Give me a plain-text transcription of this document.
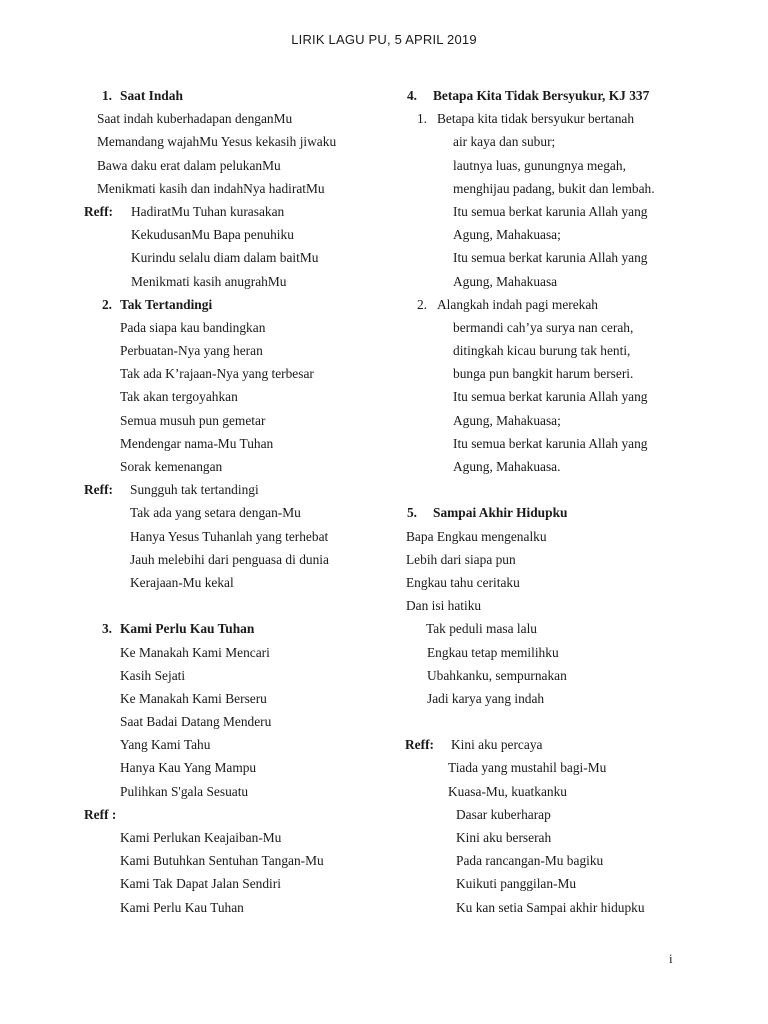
LIRIK LAGU PU, 5 APRIL 2019
1. Saat Indah
Saat indah kuberhadapan denganMu
Memandang wajahMu Yesus kekasih jiwaku
Bawa daku erat dalam pelukanMu
Menikmati kasih dan indahNya hadiratMu
Reff: HadiratMu Tuhan kurasakan
KekudusanMu Bapa penuhiku
Kurindu selalu diam dalam baitMu
Menikmati kasih anugrahMu
2. Tak Tertandingi
Pada siapa kau bandingkan
Perbuatan-Nya yang heran
Tak ada K’rajaan-Nya yang terbesar
Tak akan tergoyahkan
Semua musuh pun gemetar
Mendengar nama-Mu Tuhan
Sorak kemenangan
Reff: Sungguh tak tertandingi
Tak ada yang setara dengan-Mu
Hanya Yesus Tuhanlah yang terhebat
Jauh melebihi dari penguasa di dunia
Kerajaan-Mu kekal
3. Kami Perlu Kau Tuhan
Ke Manakah Kami Mencari
Kasih Sejati
Ke Manakah Kami Berseru
Saat Badai Datang Menderu
Yang Kami Tahu
Hanya Kau Yang Mampu
Pulihkan S'gala Sesuatu
Reff :
Kami Perlukan Keajaiban-Mu
Kami Butuhkan Sentuhan Tangan-Mu
Kami Tak Dapat Jalan Sendiri
Kami Perlu Kau Tuhan
4. Betapa Kita Tidak Bersyukur, KJ 337
1. Betapa kita tidak bersyukur bertanah
air kaya dan subur;
lautnya luas, gunungnya megah,
menghijau padang, bukit dan lembah.
Itu semua berkat karunia Allah yang
Agung, Mahakuasa;
Itu semua berkat karunia Allah yang
Agung, Mahakuasa
2. Alangkah indah pagi merekah
bermandi cah’ya surya nan cerah,
ditingkah kicau burung tak henti,
bunga pun bangkit harum berseri.
Itu semua berkat karunia Allah yang
Agung, Mahakuasa;
Itu semua berkat karunia Allah yang
Agung, Mahakuasa.
5. Sampai Akhir Hidupku
Bapa Engkau mengenalku
Lebih dari siapa pun
Engkau tahu ceritaku
Dan isi hatiku
Tak peduli masa lalu
Engkau tetap memilihku
Ubahkanku, sempurnakan
Jadi karya yang indah
Reff: Kini aku percaya
Tiada yang mustahil bagi-Mu
Kuasa-Mu, kuatkanku
Dasar kuberharap
Kini aku berserah
Pada rancangan-Mu bagiku
Kuikuti panggilan-Mu
Ku kan setia Sampai akhir hidupku
i
